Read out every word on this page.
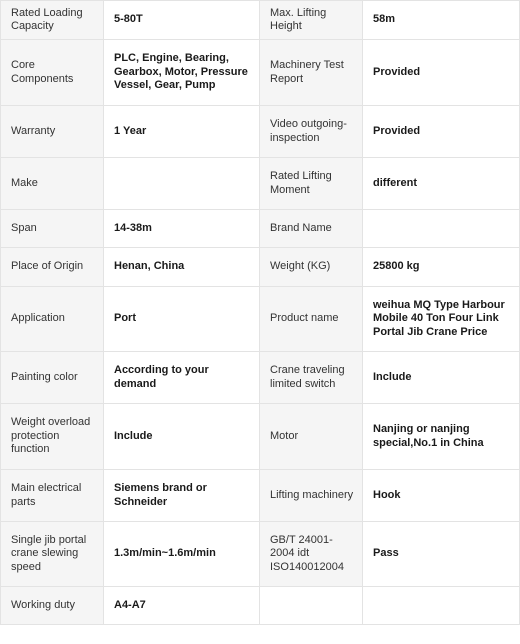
Rated Loading Capacity	5-80T	Max. Lifting Height	58m
Core Components	PLC, Engine, Bearing, Gearbox, Motor, Pressure Vessel, Gear, Pump	Machinery Test Report	Provided
Warranty	1 Year	Video outgoing-inspection	Provided
Make		Rated Lifting Moment	different
Span	14-38m	Brand Name	
Place of Origin	Henan, China	Weight (KG)	25800 kg
Application	Port	Product name	weihua MQ Type Harbour Mobile 40 Ton Four Link Portal Jib Crane Price
Painting color	According to your demand	Crane traveling limited switch	Include
Weight overload protection function	Include	Motor	Nanjing or nanjing special,No.1 in China
Main electrical parts	Siemens brand or Schneider	Lifting machinery	Hook
Single jib portal crane slewing speed	1.3m/min~1.6m/min	GB/T 24001-2004 idt ISO140012004	Pass
Working duty	A4-A7		
